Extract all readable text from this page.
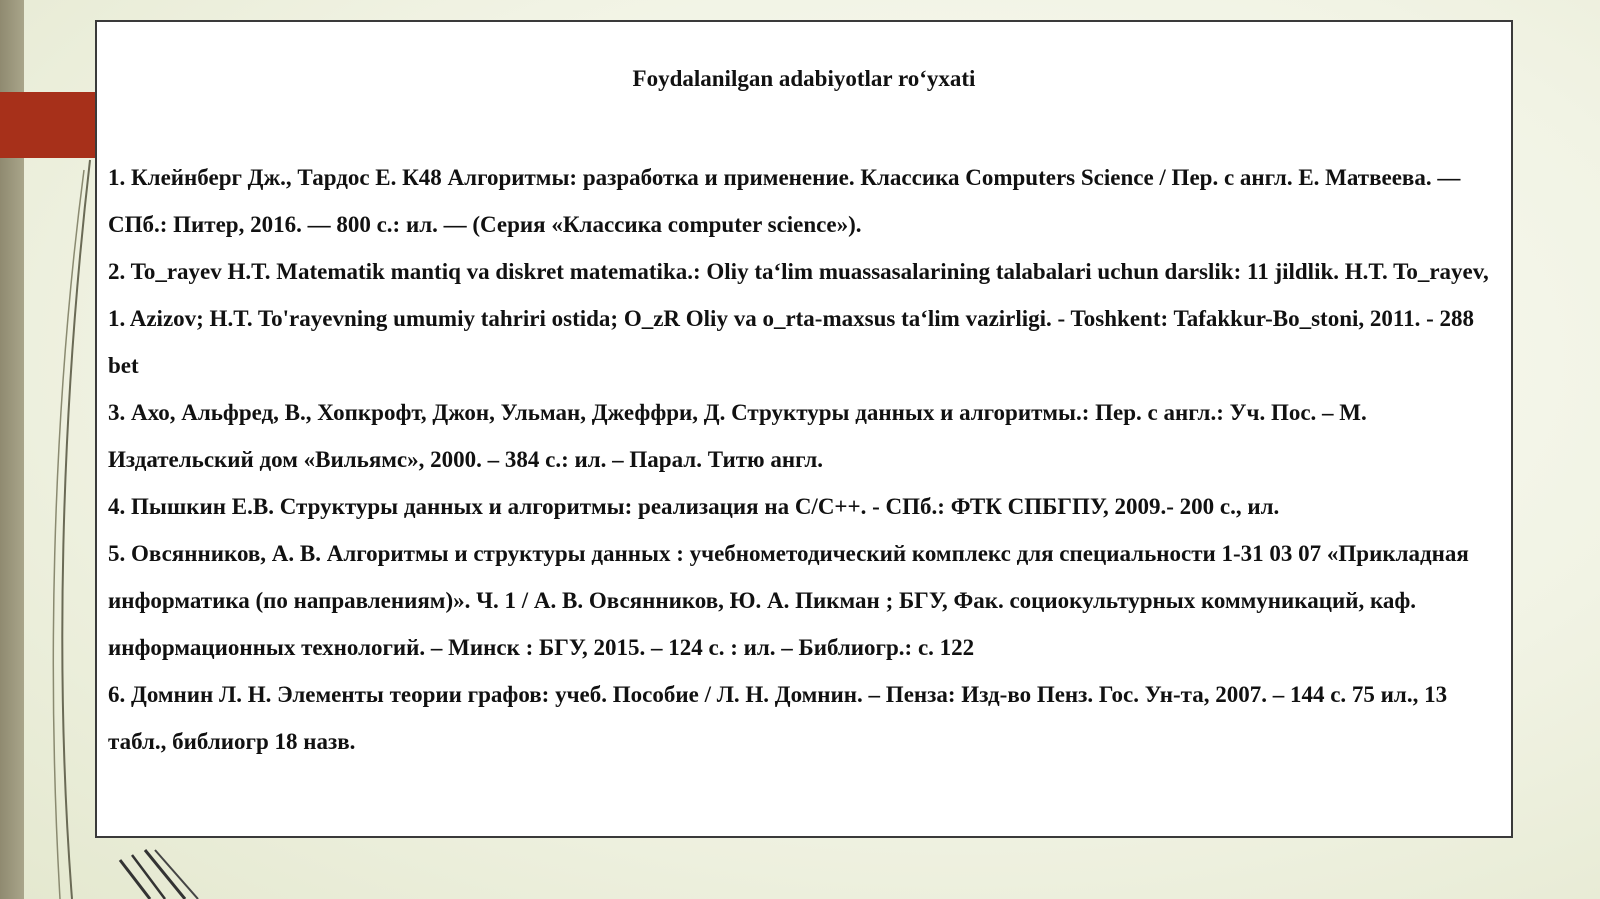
Foydalanilgan adabiyotlar ro‘yxati

1. Клейнберг Дж., Тардос Е. К48 Алгоритмы: разработка и применение. Классика Computers Science / Пер. с англ. Е. Матвеева. — СПб.: Питер, 2016. — 800 с.: ил. — (Серия «Классика computer science»).

2. To_rayev H.T. Matematik mantiq va diskret matematika.: Oliy ta‘lim muassasalarining talabalari uchun darslik: 11 jildlik. H.T. To_rayev, 1. Azizov; H.T. To'rayevning umumiy tahriri ostida; O_zR Oliy va o_rta-maxsus ta‘lim vazirligi. - Toshkent: Tafakkur-Bo_stoni, 2011. - 288 bet

3. Ахо, Альфред, В., Хопкрофт, Джон, Ульман, Джеффри, Д. Структуры данных и алгоритмы.: Пер. с англ.: Уч. Пос. – М. Издательский дом «Вильямс», 2000. – 384 с.: ил. – Парал. Титю англ.

4. Пышкин Е.В. Структуры данных и алгоритмы: реализация на С/С++. - СПб.: ФТК СПБГПУ, 2009.- 200 с., ил.

5. Овсянников, А. В. Алгоритмы и структуры данных : учебнометодический комплекс для специальности 1-31 03 07 «Прикладная информатика (по направлениям)». Ч. 1 / А. В. Овсянников, Ю. А. Пикман ; БГУ, Фак. социокультурных коммуникаций, каф. информационных технологий. – Минск : БГУ, 2015. – 124 с. : ил. – Библиогр.: с. 122

6. Домнин Л. Н. Элементы теории графов: учеб. Пособие / Л. Н. Домнин. – Пенза: Изд-во Пенз. Гос. Ун-та, 2007. – 144 с. 75 ил., 13 табл., библиогр 18 назв.
